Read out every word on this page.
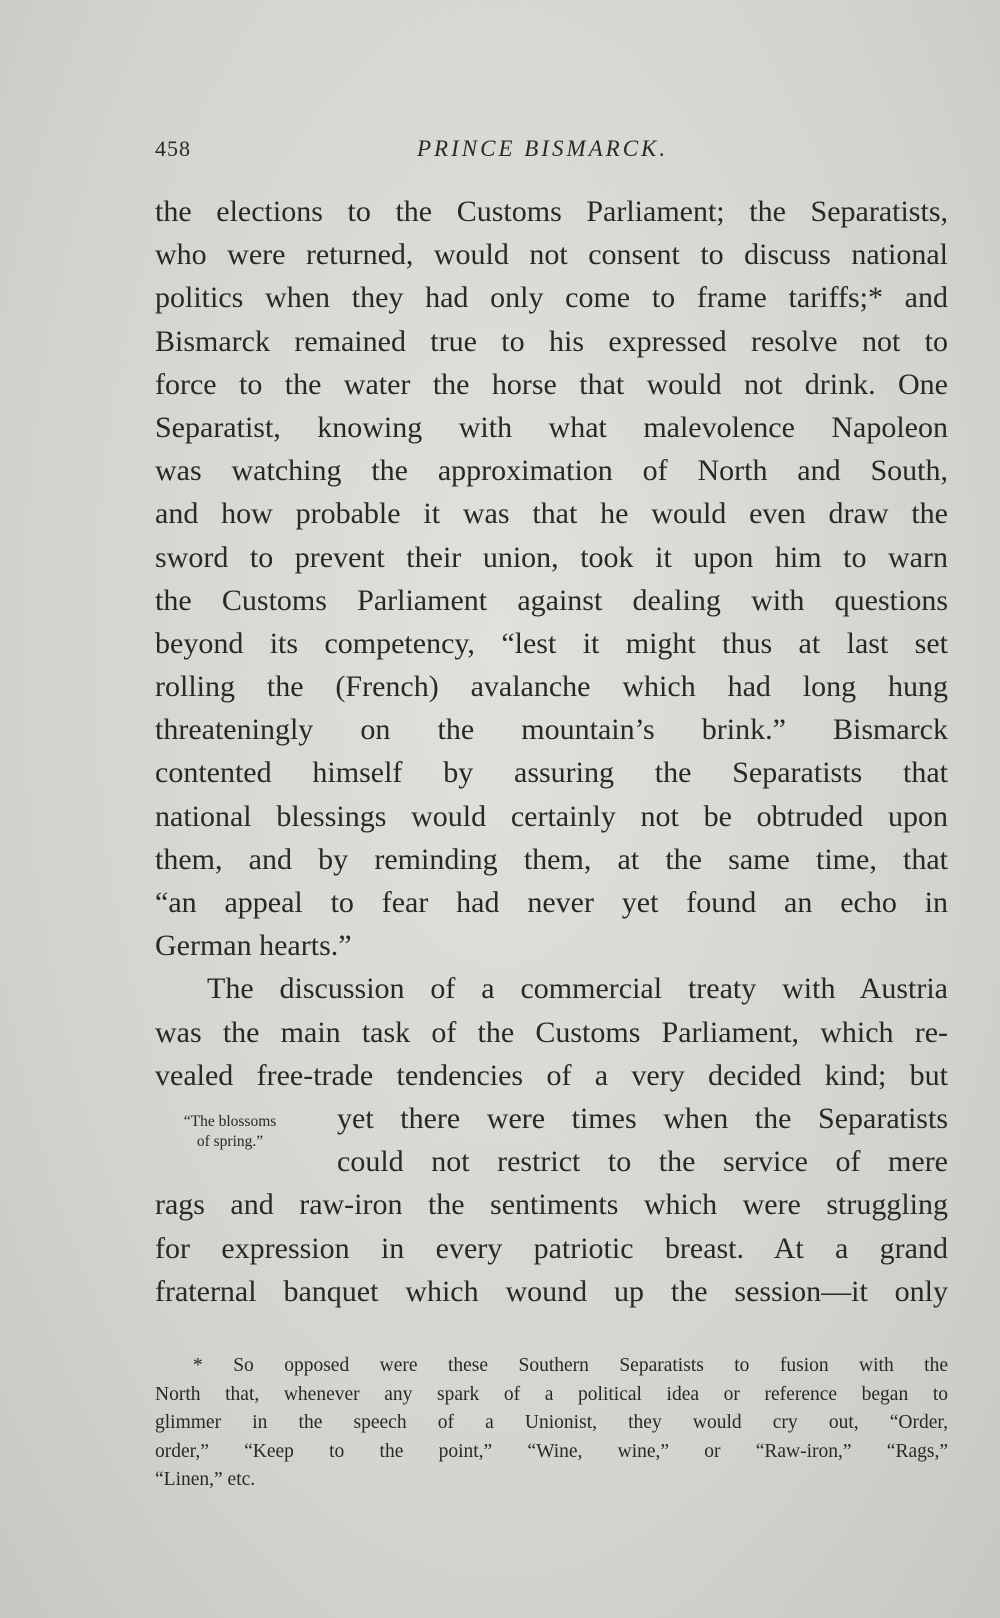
458	PRINCE BISMARCK.
the elections to the Customs Parliament; the Separatists,
who were returned, would not consent to discuss national
politics when they had only come to frame tariffs;* and
Bismarck remained true to his expressed resolve not to
force to the water the horse that would not drink. One
Separatist, knowing with what malevolence Napoleon
was watching the approximation of North and South,
and how probable it was that he would even draw the
sword to prevent their union, took it upon him to warn
the Customs Parliament against dealing with questions
beyond its competency, “lest it might thus at last set
rolling the (French) avalanche which had long hung
threateningly on the mountain’s brink.” Bismarck
contented himself by assuring the Separatists that
national blessings would certainly not be obtruded upon
them, and by reminding them, at the same time, that
“an appeal to fear had never yet found an echo in
German hearts.”
The discussion of a commercial treaty with Austria
was the main task of the Customs Parliament, which re-
vealed free-trade tendencies of a very decided kind; but
yet there were times when the Separatists
could not restrict to the service of mere
rags and raw-iron the sentiments which were struggling
for expression in every patriotic breast. At a grand
fraternal banquet which wound up the session—it only
“The blossoms
of spring.”
* So opposed were these Southern Separatists to fusion with the
North that, whenever any spark of a political idea or reference began to
glimmer in the speech of a Unionist, they would cry out, “Order,
order,” “Keep to the point,” “Wine, wine,” or “Raw-iron,” “Rags,”
“Linen,” etc.
